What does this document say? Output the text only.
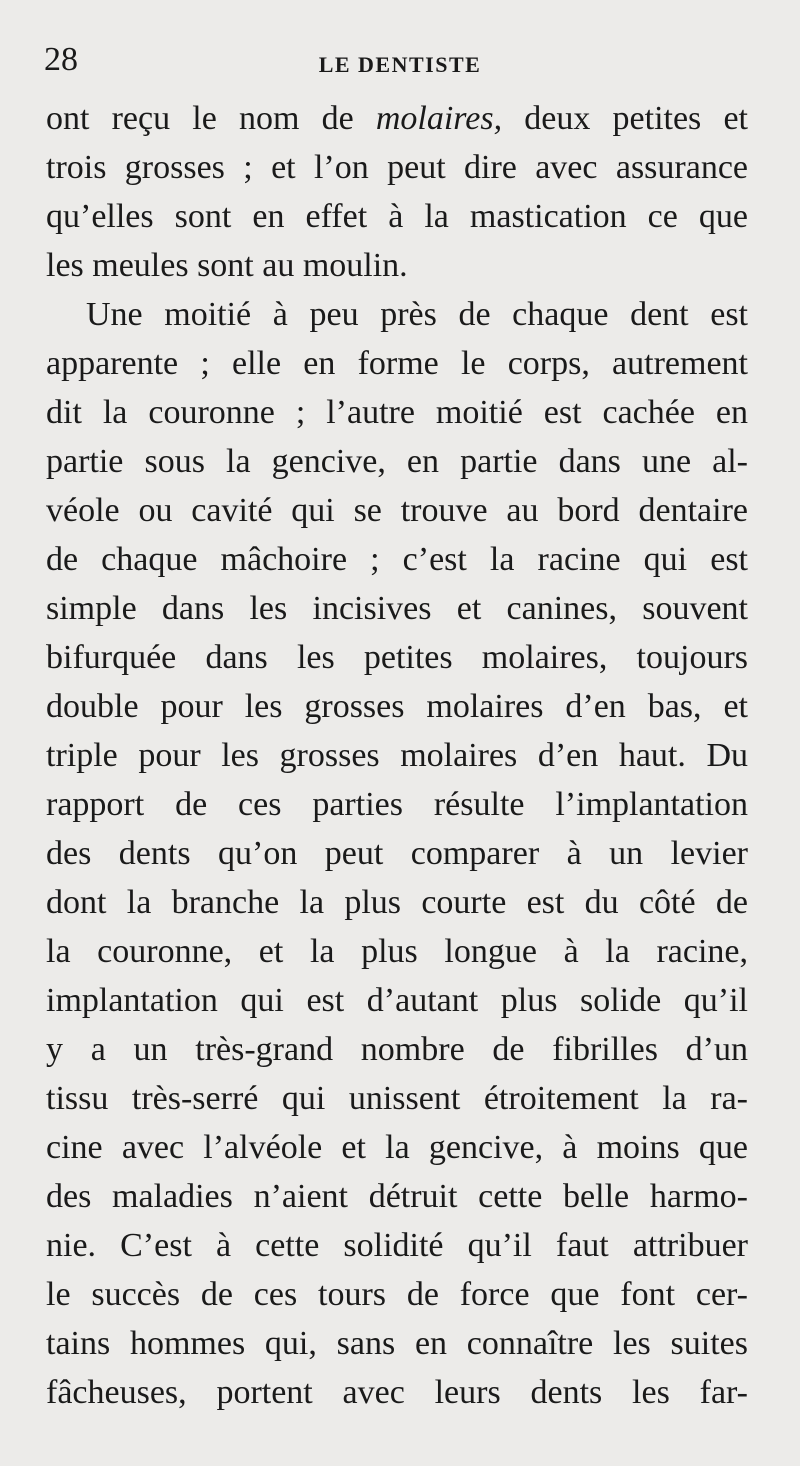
28	LE DENTISTE
ont reçu le nom de molaires, deux petites et
trois grosses ; et l’on peut dire avec assurance
qu’elles sont en effet à la mastication ce que
les meules sont au moulin.
Une moitié à peu près de chaque dent est
apparente ; elle en forme le corps, autrement
dit la couronne ; l’autre moitié est cachée en
partie sous la gencive, en partie dans une al-
véole ou cavité qui se trouve au bord dentaire
de chaque mâchoire ; c’est la racine qui est
simple dans les incisives et canines, souvent
bifurquée dans les petites molaires, toujours
double pour les grosses molaires d’en bas, et
triple pour les grosses molaires d’en haut. Du
rapport de ces parties résulte l’implantation
des dents qu’on peut comparer à un levier
dont la branche la plus courte est du côté de
la couronne, et la plus longue à la racine,
implantation qui est d’autant plus solide qu’il
y a un très-grand nombre de fibrilles d’un
tissu très-serré qui unissent étroitement la ra-
cine avec l’alvéole et la gencive, à moins que
des maladies n’aient détruit cette belle harmo-
nie. C’est à cette solidité qu’il faut attribuer
le succès de ces tours de force que font cer-
tains hommes qui, sans en connaître les suites
fâcheuses, portent avec leurs dents les far-
